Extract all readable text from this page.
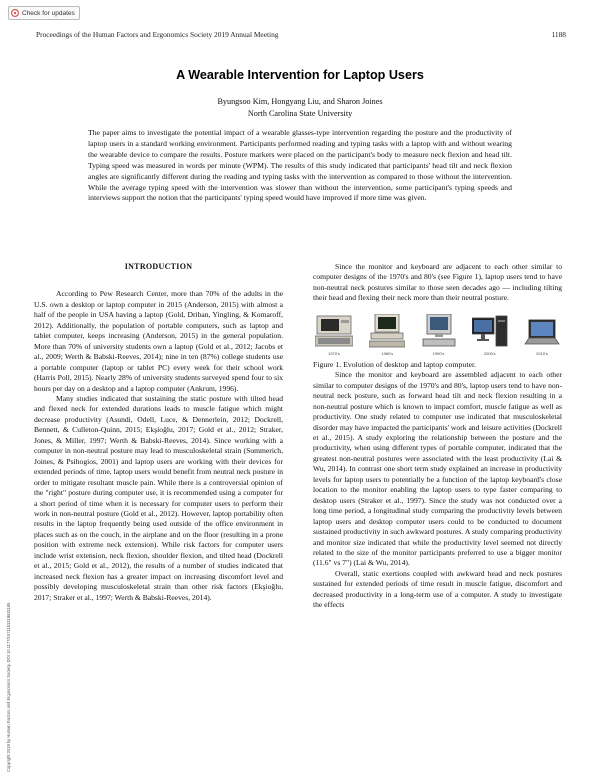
Check for updates
Proceedings of the Human Factors and Ergonomics Society 2019 Annual Meeting	1188
A Wearable Intervention for Laptop Users
Byungsoo Kim, Hongyang Liu, and Sharon Joines
North Carolina State University
The paper aims to investigate the potential impact of a wearable glasses-type intervention regarding the posture and the productivity of laptop users in a standard working environment. Participants performed reading and typing tasks with a laptop with and without wearing the wearable device to compare the results. Posture markers were placed on the participant's body to measure neck flexion and head tilt. Typing speed was measured in words per minute (WPM). The results of this study indicated that participants' head tilt and neck flexion angles are significantly different during the reading and typing tasks with the intervention as compared to those without the intervention. While the average typing speed with the intervention was slower than without the intervention, some participant's typing speeds and interviews support the notion that the participants' typing speed would have improved if more time was given.
INTRODUCTION

According to Pew Research Center, more than 70% of the adults in the U.S. own a desktop or laptop computer in 2015 (Anderson, 2015) with almost a half of the people in USA having a laptop (Gold, Driban, Yingling, & Komaroff, 2012). Additionally, the population of portable computers, such as laptop and tablet computer, keeps increasing (Anderson, 2015) in the general population. More than 70% of university students own a laptop (Gold et al., 2012; Jacobs et al., 2009; Werth & Babski-Reeves, 2014); nine in ten (87%) college students use a portable computer (laptop or tablet PC) every week for their school work (Harris Poll, 2015). Nearly 28% of university students surveyed spend four to six hours per day on a desktop and a laptop computer (Ankrum, 1996).

Many studies indicated that sustaining the static posture with tilted head and flexed neck for extended durations leads to muscle fatigue which might decrease productivity (Asundi, Odell, Luce, & Dennerlein, 2012; Dockrell, Bennett, & Culleton-Quinn, 2015; Ekşioğlu, 2017; Gold et al., 2012; Straker, Jones, & Miller, 1997; Werth & Babski-Reeves, 2014). Since working with a computer in non-neutral posture may lead to musculoskeletal strain (Sommerich, Joines, & Psihogios, 2001) and laptop users are working with their devices for extended periods of time, laptop users would benefit from neutral neck posture in order to mitigate resultant muscle pain. While there is a controversial opinion of the "right" posture during computer use, it is recommended using a computer for a short period of time when it is necessary for computer users to perform their work in non-neutral posture (Gold et al., 2012). However, laptop portability often results in the laptop frequently being used outside of the office environment in places such as on the couch, in the airplane and on the floor (resulting in a prone position with extreme neck extension). While risk factors for computer users include wrist extension, neck flexion, shoulder flexion, and tilted head (Dockrell et al., 2015; Gold et al., 2012), the results of a number of studies indicated that increased neck flexion has a greater impact on increasing discomfort level and possibly developing musculoskeletal strain than other risk factors (Ekşioğlu, 2017; Straker et al., 1997; Werth & Babski-Reeves, 2014).

Since the monitor and keyboard are adjacent to each other similar to computer designs of the 1970's and 80's (see Figure 1), laptop users tend to have non-neutral neck postures similar to those seen decades ago — including tilting their head and flexing their neck more than their neutral posture.

1970's	1980's	1990's	2000's	2010's

Figure 1. Evolution of desktop and laptop computer.

Since the monitor and keyboard are assembled adjacent to each other similar to computer designs of the 1970's and 80's, laptop users tend to have non-neutral neck posture, such as forward head tilt and neck flexion resulting in a non-neutral posture which is known to impact comfort, muscle fatigue as well as productivity. One study related to computer use indicated that musculoskeletal disorder may have impacted the participants' work and leisure activities (Dockrell et al., 2015). A study exploring the relationship between the posture and the productivity, when using different types of portable computer, indicated that the greatest non-neutral postures were associated with the least productivity (Lai & Wu, 2014). In contrast one short term study explained an increase in productivity levels for laptop users to potentially be a function of the laptop keyboard's close location to the monitor enabling the laptop users to type faster comparing to desktop users (Straker et al., 1997). Since the study was not conducted over a long time period, a longitudinal study comparing the productivity levels between laptop users and desktop computer users could to be conducted to document sustained productivity in such awkward postures. A study comparing productivity and monitor size indicated that while the productivity level seemed not directly related to the size of the monitor participants preferred to use a bigger monitor (11.6" vs 7") (Lai & Wu, 2014).

Overall, static exertions coupled with awkward head and neck postures sustained for extended periods of time result in muscle fatigue, discomfort and decreased productivity in a long-term use of a computer. A study to investigate the effects

Copyright 2019 by Human Factors and Ergonomics Society. DOI 10.1177/1071181319631185
